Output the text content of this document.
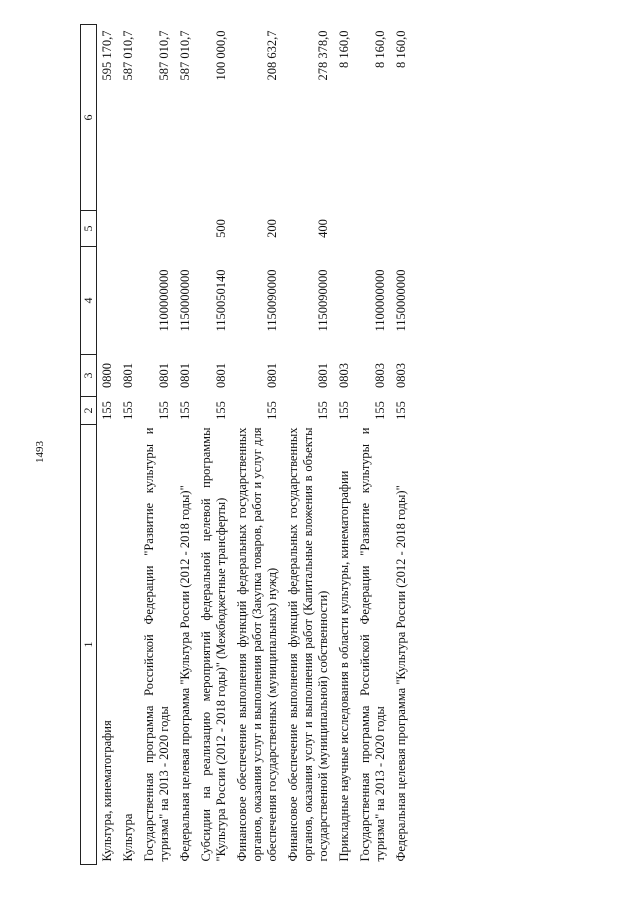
1493
1	2	3	4	5	6
Культура, кинематография	155	0800			595 170,7
Культура	155	0801			587 010,7
Государственная программа Российской Федерации "Развитие культуры и туризма" на 2013 - 2020 годы	155	0801	1100000000		587 010,7
Федеральная целевая программа "Культура России (2012 - 2018 годы)"	155	0801	1150000000		587 010,7
Субсидии на реализацию мероприятий федеральной целевой программы "Культура России (2012 - 2018 годы)" (Межбюджетные трансферты)	155	0801	1150050140	500	100 000,0
Финансовое обеспечение выполнения функций федеральных государственных органов, оказания услуг и выполнения работ (Закупка товаров, работ и услуг для обеспечения государственных (муниципальных) нужд)	155	0801	1150090000	200	208 632,7
Финансовое обеспечение выполнения функций федеральных государственных органов, оказания услуг и выполнения работ (Капитальные вложения в объекты государственной (муниципальной) собственности)	155	0801	1150090000	400	278 378,0
Прикладные научные исследования в области культуры, кинематографии	155	0803			8 160,0
Государственная программа Российской Федерации "Развитие культуры и туризма" на 2013 - 2020 годы	155	0803	1100000000		8 160,0
Федеральная целевая программа "Культура России (2012 - 2018 годы)"	155	0803	1150000000		8 160,0
